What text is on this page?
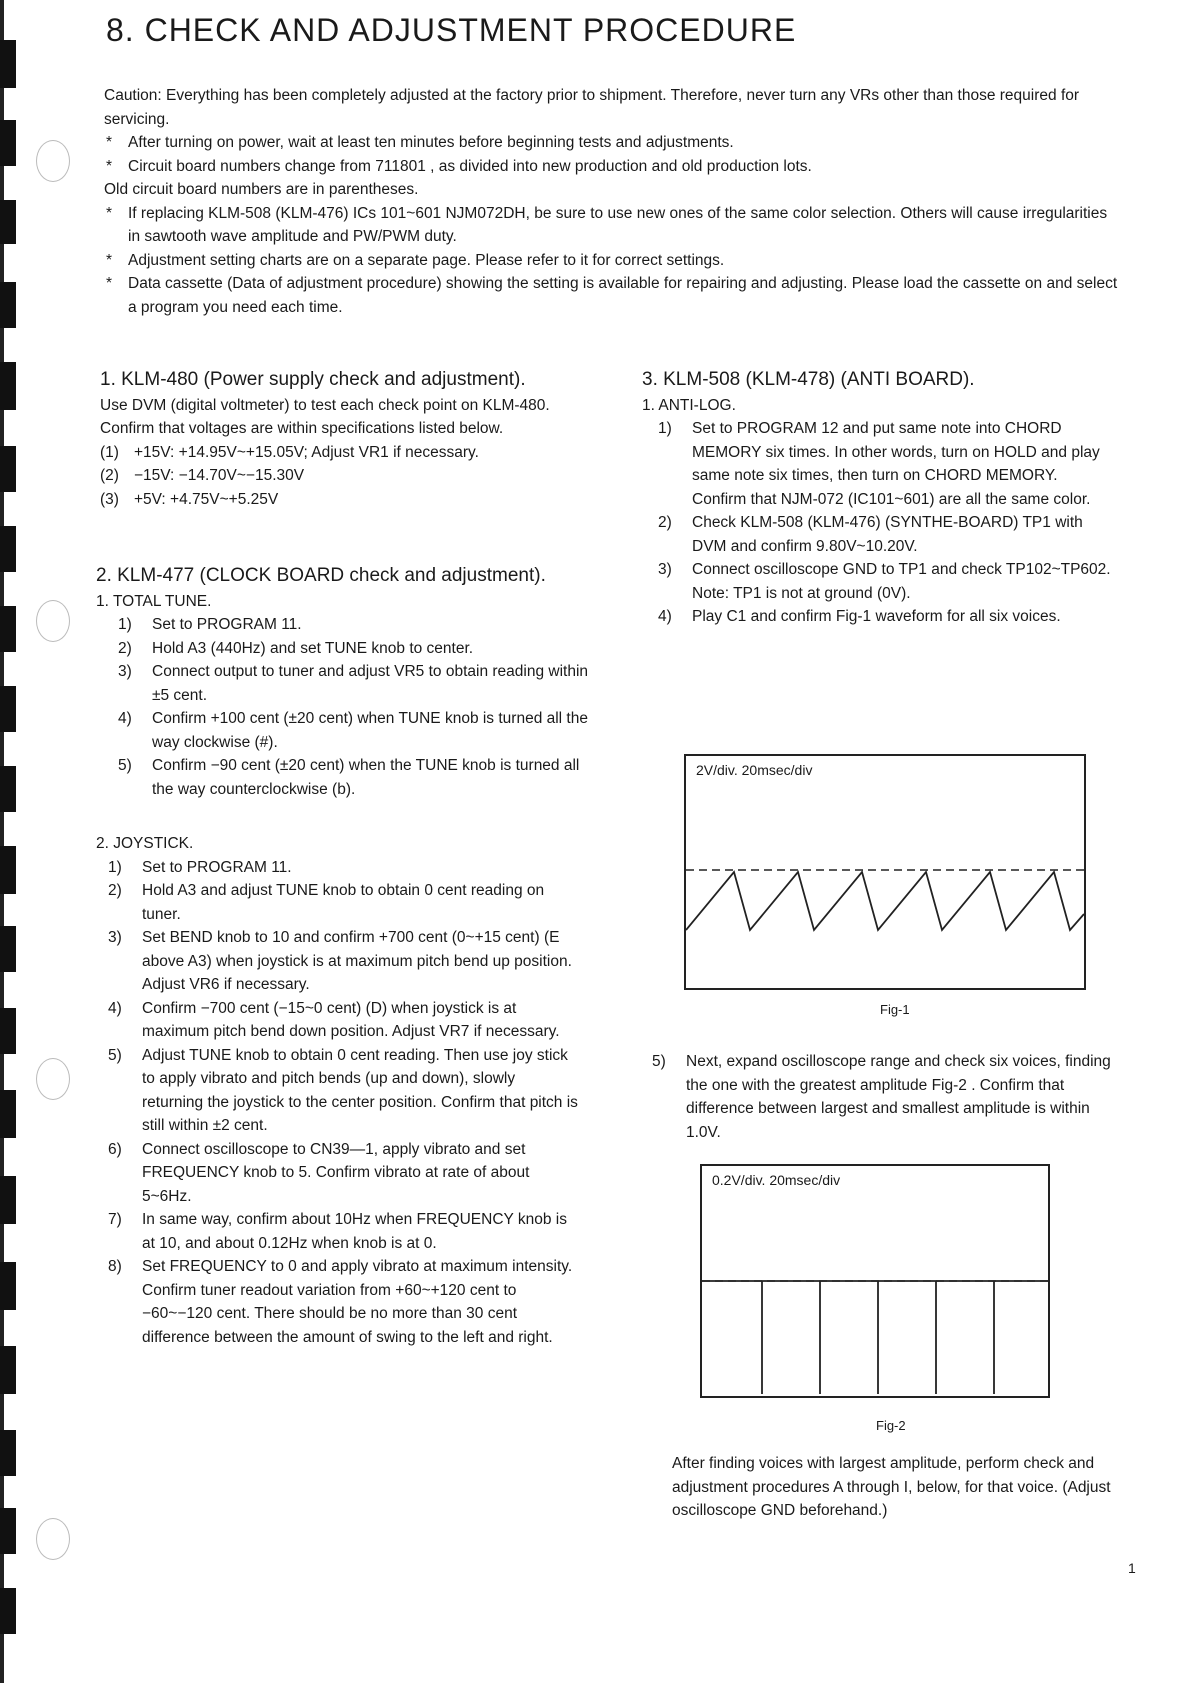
8. CHECK AND ADJUSTMENT PROCEDURE

Caution: Everything has been completely adjusted at the factory prior to shipment. Therefore, never turn any VRs other than those required for servicing.

* After turning on power, wait at least ten minutes before beginning tests and adjustments.

* Circuit board numbers change from 711801 , as divided into new production and old production lots.

Old circuit board numbers are in parentheses.

* If replacing KLM-508 (KLM-476) ICs 101~601 NJM072DH, be sure to use new ones of the same color selection. Others will cause irregularities in sawtooth wave amplitude and PW/PWM duty.

* Adjustment setting charts are on a separate page. Please refer to it for correct settings.

* Data cassette (Data of adjustment procedure) showing the setting is available for repairing and adjusting. Please load the cassette on and select a program you need each time.

1. KLM-480 (Power supply check and adjustment).

Use DVM (digital voltmeter) to test each check point on KLM-480. Confirm that voltages are within specifications listed below.

(1) +15V: +14.95V~+15.05V; Adjust VR1 if necessary.

(2) −15V: −14.70V~−15.30V

(3) +5V: +4.75V~+5.25V

2. KLM-477 (CLOCK BOARD check and adjustment).

1. TOTAL TUNE.

1) Set to PROGRAM 11.

2) Hold A3 (440Hz) and set TUNE knob to center.

3) Connect output to tuner and adjust VR5 to obtain reading within ±5 cent.

4) Confirm +100 cent (±20 cent) when TUNE knob is turned all the way clockwise (#).

5) Confirm −90 cent (±20 cent) when the TUNE knob is turned all the way counterclockwise (b).

2. JOYSTICK.

1) Set to PROGRAM 11.

2) Hold A3 and adjust TUNE knob to obtain 0 cent reading on tuner.

3) Set BEND knob to 10 and confirm +700 cent (0~+15 cent) (E above A3) when joystick is at maximum pitch bend up position. Adjust VR6 if necessary.

4) Confirm −700 cent (−15~0 cent) (D) when joystick is at maximum pitch bend down position. Adjust VR7 if necessary.

5) Adjust TUNE knob to obtain 0 cent reading. Then use joy stick to apply vibrato and pitch bends (up and down), slowly returning the joystick to the center position. Confirm that pitch is still within ±2 cent.

6) Connect oscilloscope to CN39—1, apply vibrato and set FREQUENCY knob to 5. Confirm vibrato at rate of about 5~6Hz.

7) In same way, confirm about 10Hz when FREQUENCY knob is at 10, and about 0.12Hz when knob is at 0.

8) Set FREQUENCY to 0 and apply vibrato at maximum intensity. Confirm tuner readout variation from +60~+120 cent to −60~−120 cent. There should be no more than 30 cent difference between the amount of swing to the left and right.

3. KLM-508 (KLM-478) (ANTI BOARD).

1. ANTI-LOG.

1) Set to PROGRAM 12 and put same note into CHORD MEMORY six times. In other words, turn on HOLD and play same note six times, then turn on CHORD MEMORY.

Confirm that NJM-072 (IC101~601) are all the same color.

2) Check KLM-508 (KLM-476) (SYNTHE-BOARD) TP1 with DVM and confirm 9.80V~10.20V.

3) Connect oscilloscope GND to TP1 and check TP102~TP602.

Note: TP1 is not at ground (0V).

4) Play C1 and confirm Fig-1 waveform for all six voices.

2V/div. 20msec/div
Fig-1

5) Next, expand oscilloscope range and check six voices, finding the one with the greatest amplitude Fig-2 . Confirm that difference between largest and smallest amplitude is within 1.0V.

0.2V/div. 20msec/div
Fig-2

After finding voices with largest amplitude, perform check and adjustment procedures A through I, below, for that voice. (Adjust oscilloscope GND beforehand.)

1
